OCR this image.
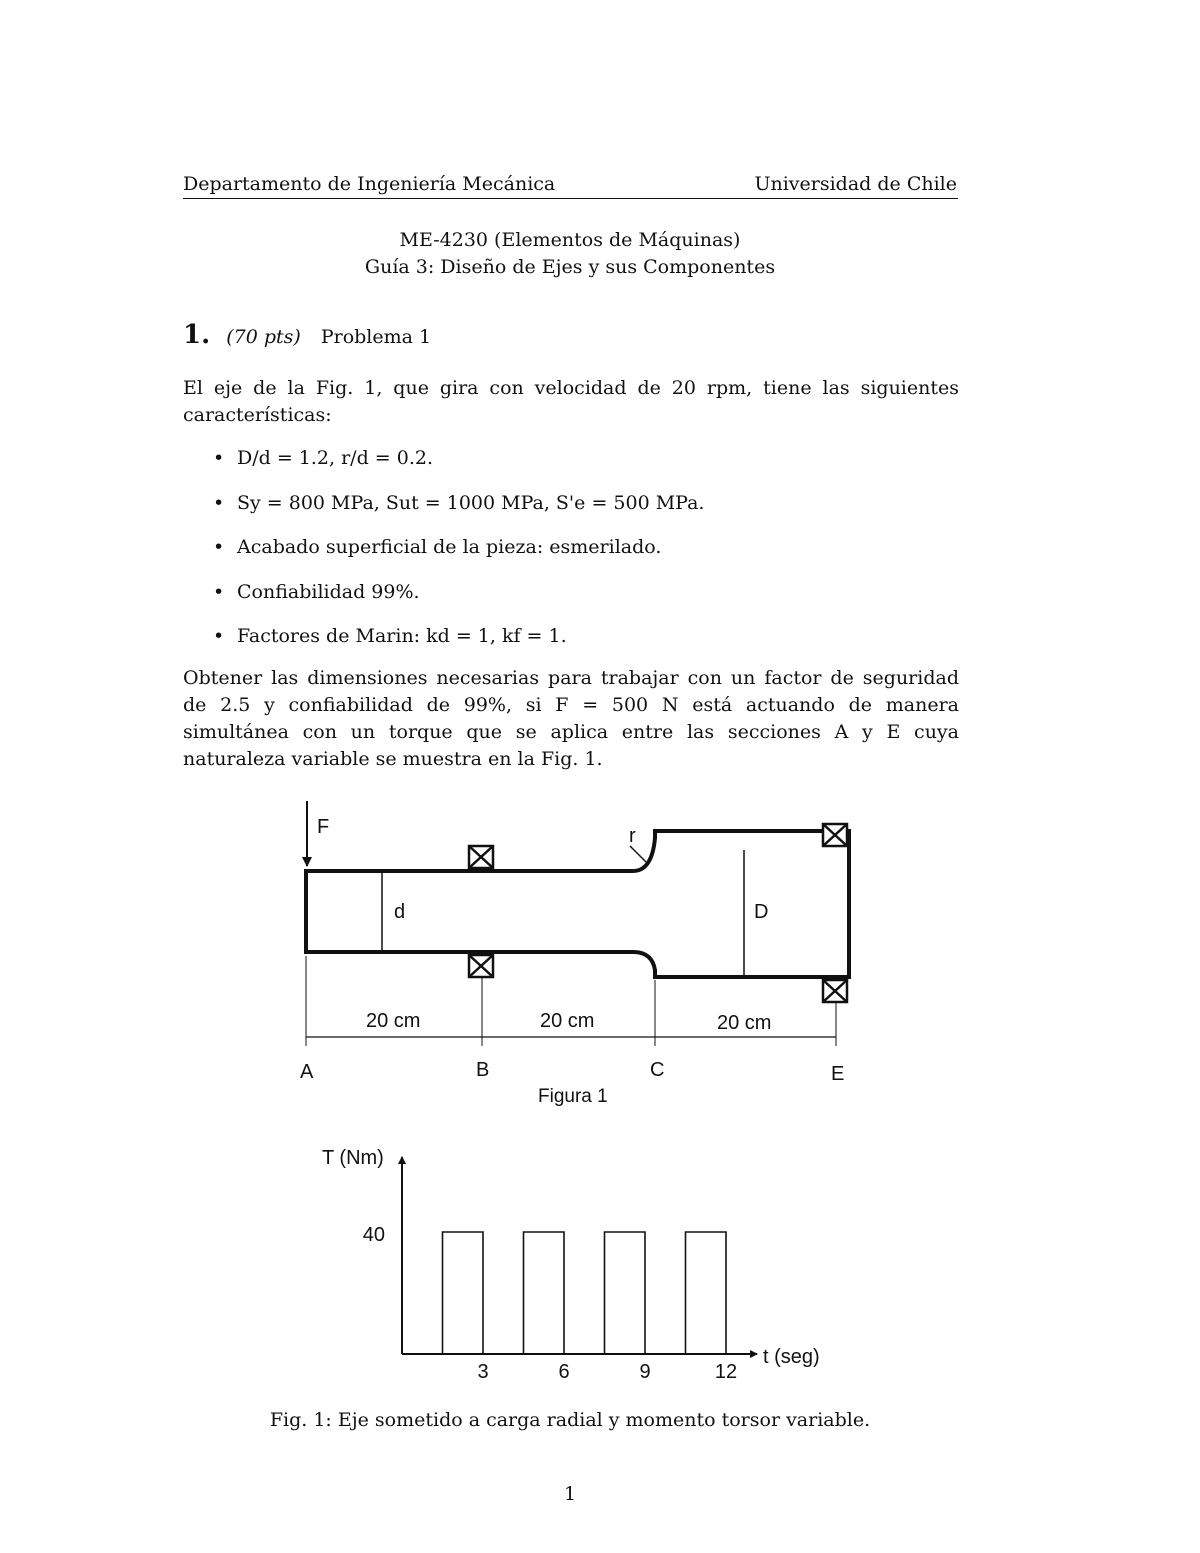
Departamento de Ingeniería Mecánica	Universidad de Chile
ME-4230 (Elementos de Máquinas)
Guía 3: Diseño de Ejes y sus Componentes
1. (70 pts) Problema 1
El eje de la Fig. 1, que gira con velocidad de 20 rpm, tiene las siguientes características:
• D/d = 1.2, r/d = 0.2.
• Sy = 800 MPa, Sut = 1000 MPa, S'e = 500 MPa.
• Acabado superficial de la pieza: esmerilado.
• Confiabilidad 99%.
• Factores de Marin: kd = 1, kf = 1.
Obtener las dimensiones necesarias para trabajar con un factor de seguridad de 2.5 y confiabilidad de 99%, si F = 500 N está actuando de manera simultánea con un torque que se aplica entre las secciones A y E cuya naturaleza variable se muestra en la Fig. 1.
F	r
d	D
20 cm	20 cm	20 cm
A	B	C	E
Figura 1
3	6	9	12
40
T (Nm)
t (seg)
Fig. 1: Eje sometido a carga radial y momento torsor variable.
1
